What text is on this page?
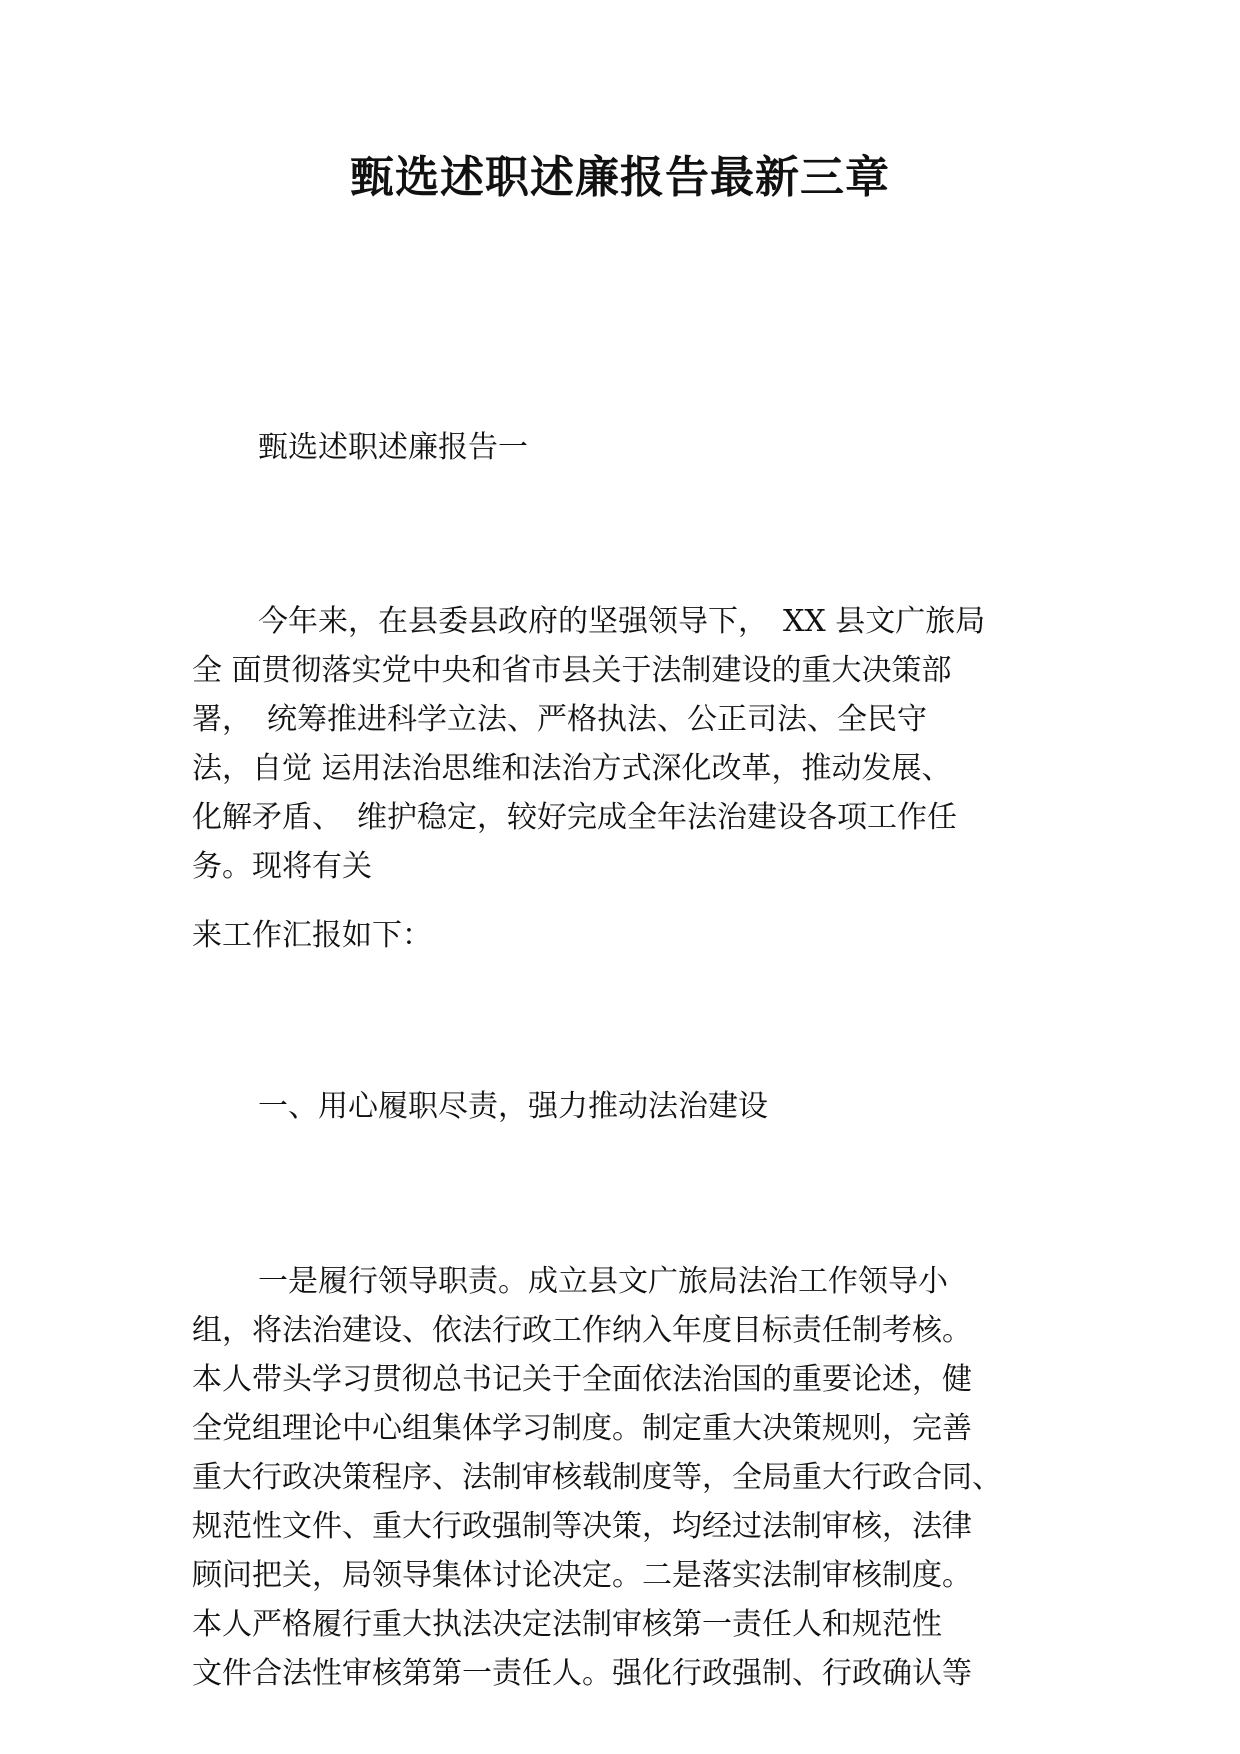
甄选述职述廉报告最新三章
甄选述职述廉报告一
今年来，在县委县政府的坚强领导下，　XX 县文广旅局
全 面贯彻落实党中央和省市县关于法制建设的重大决策部
署，　统筹推进科学立法、严格执法、公正司法、全民守
法，自觉 运用法治思维和法治方式深化改革，推动发展、
化解矛盾、　维护稳定，较好完成全年法治建设各项工作任
务。现将有关
来工作汇报如下：
一、用心履职尽责，强力推动法治建设
一是履行领导职责。成立县文广旅局法治工作领导小
组，将法治建设、依法行政工作纳入年度目标责任制考核。
本人带头学习贯彻总书记关于全面依法治国的重要论述，健
全党组理论中心组集体学习制度。制定重大决策规则，完善
重大行政决策程序、法制审核载制度等，全局重大行政合同、
规范性文件、重大行政强制等决策，均经过法制审核，法律
顾问把关，局领导集体讨论决定。二是落实法制审核制度。
本人严格履行重大执法决定法制审核第一责任人和规范性
文件合法性审核第第一责任人。强化行政强制、行政确认等
